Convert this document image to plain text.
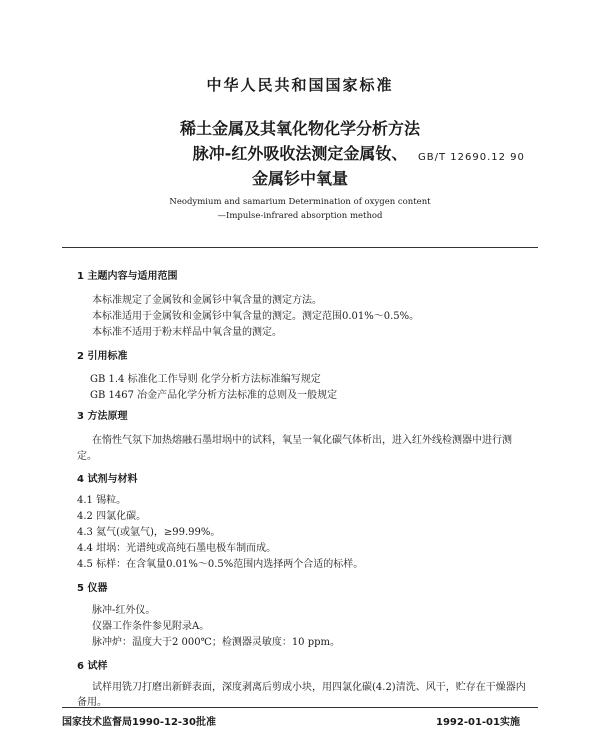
中华人民共和国国家标准
稀土金属及其氧化物化学分析方法
脉冲-红外吸收法测定金属钕、
金属钐中氧量
GB/T 12690.12 90
Neodymium and samarium Determination of oxygen content
—Impulse-infrared absorption method
1 主题内容与适用范围
本标准规定了金属钕和金属钐中氧含量的测定方法。
本标准适用于金属钕和金属钐中氧含量的测定。测定范围0.01%～0.5%。
本标准不适用于粉末样品中氧含量的测定。
2 引用标准
GB 1.4 标准化工作导则 化学分析方法标准编写规定
GB 1467 冶金产品化学分析方法标准的总则及一般规定
3 方法原理
在惰性气氛下加热熔融石墨坩埚中的试料，氧呈一氧化碳气体析出，进入红外线检测器中进行测
定。
4 试剂与材料
4.1 锡粒。
4.2 四氯化碳。
4.3 氦气(或氩气)，≥99.99%。
4.4 坩埚：光谱纯或高纯石墨电极车制而成。
4.5 标样：在含氧量0.01%～0.5%范围内选择两个合适的标样。
5 仪器
脉冲-红外仪。
仪器工作条件参见附录A。
脉冲炉：温度大于2 000℃；检测器灵敏度：10 ppm。
6 试样
试样用铣刀打磨出新鲜表面，深度剥离后剪成小块，用四氯化碳(4.2)清洗、风干，贮存在干燥器内
备用。
国家技术监督局1990-12-30批准	1992-01-01实施
